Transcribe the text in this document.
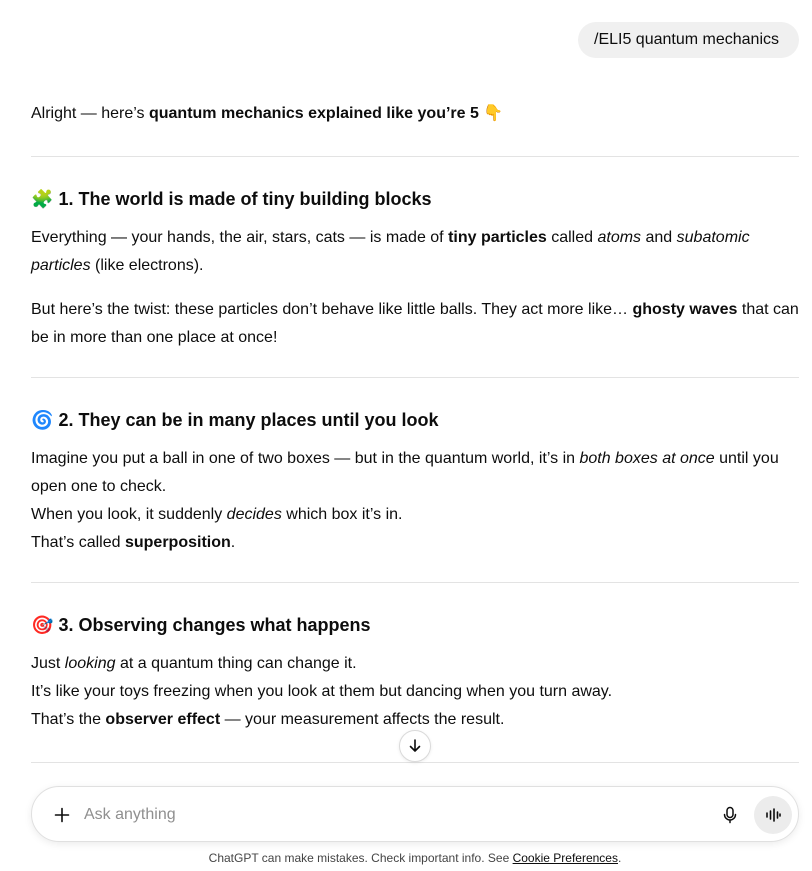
/ELI5 quantum mechanics
Alright — here’s quantum mechanics explained like you’re 5 👇
🧩 1. The world is made of tiny building blocks
Everything — your hands, the air, stars, cats — is made of tiny particles called atoms and subatomic particles (like electrons).
But here’s the twist: these particles don’t behave like little balls. They act more like… ghosty waves that can be in more than one place at once!
🌀 2. They can be in many places until you look
Imagine you put a ball in one of two boxes — but in the quantum world, it’s in both boxes at once until you open one to check.
When you look, it suddenly decides which box it’s in.
That’s called superposition.
🎯 3. Observing changes what happens
Just looking at a quantum thing can change it.
It’s like your toys freezing when you look at them but dancing when you turn away.
That’s the observer effect — your measurement affects the result.
Ask anything
ChatGPT can make mistakes. Check important info. See Cookie Preferences.
